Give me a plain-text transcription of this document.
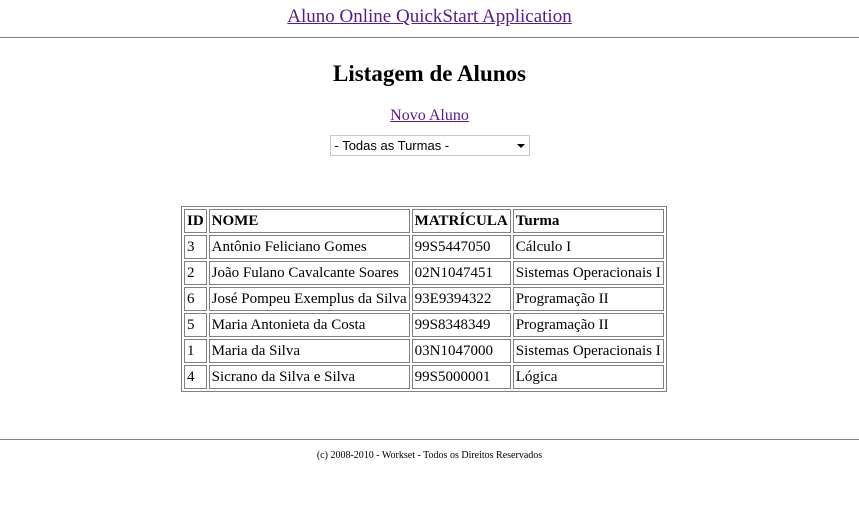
Aluno Online QuickStart Application
Listagem de Alunos
Novo Aluno
- Todas as Turmas -
ID	NOME	MATRÍCULA	Turma
3	Antônio Feliciano Gomes	99S5447050	Cálculo I
2	João Fulano Cavalcante Soares	02N1047451	Sistemas Operacionais I
6	José Pompeu Exemplus da Silva	93E9394322	Programação II
5	Maria Antonieta da Costa	99S8348349	Programação II
1	Maria da Silva	03N1047000	Sistemas Operacionais I
4	Sicrano da Silva e Silva	99S5000001	Lógica
(c) 2008-2010 - Workset - Todos os Direitos Reservados
